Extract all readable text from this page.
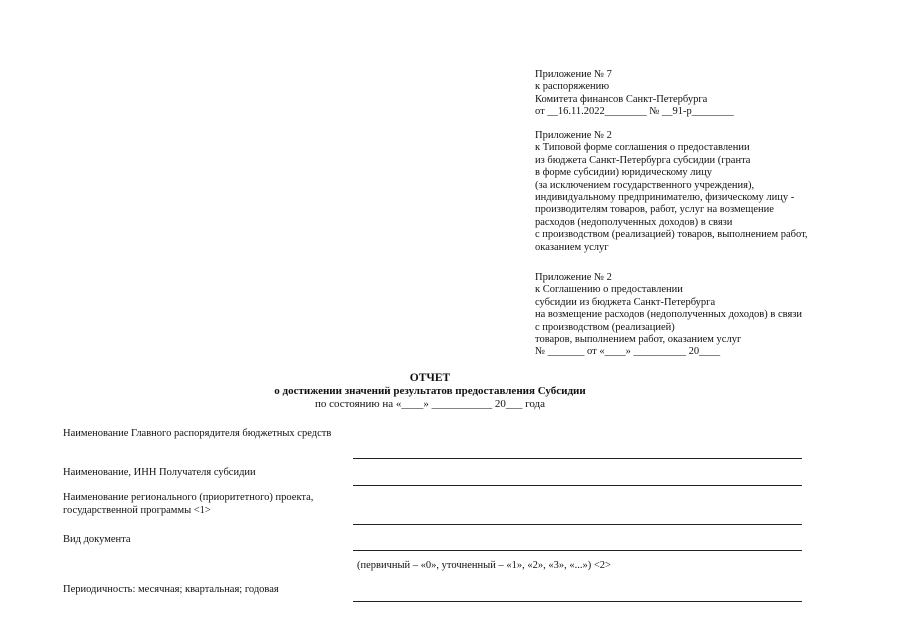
Приложение № 7
к распоряжению
Комитета финансов Санкт-Петербурга
от __16.11.2022________ № __91-р________
Приложение № 2
к Типовой форме соглашения о предоставлении
из бюджета Санкт-Петербурга субсидии (гранта
в форме субсидии) юридическому лицу
(за исключением государственного учреждения),
индивидуальному предпринимателю, физическому лицу -
производителям товаров, работ, услуг на возмещение
расходов (недополученных доходов) в связи
с производством (реализацией) товаров, выполнением работ,
оказанием услуг
Приложение № 2
к Соглашению о предоставлении
субсидии из бюджета Санкт-Петербурга
на возмещение расходов (недополученных доходов) в связи
с производством (реализацией)
товаров, выполнением работ, оказанием услуг
№ _______ от «____» __________ 20____
ОТЧЕТ
о достижении значений результатов предоставления Субсидии
по состоянию на «____» ___________ 20___ года
Наименование Главного распорядителя бюджетных средств
Наименование, ИНН Получателя субсидии
Наименование регионального (приоритетного) проекта, государственной программы <1>
Вид документа
(первичный – «0», уточненный – «1», «2», «3», «...») <2>
Периодичность: месячная; квартальная; годовая
